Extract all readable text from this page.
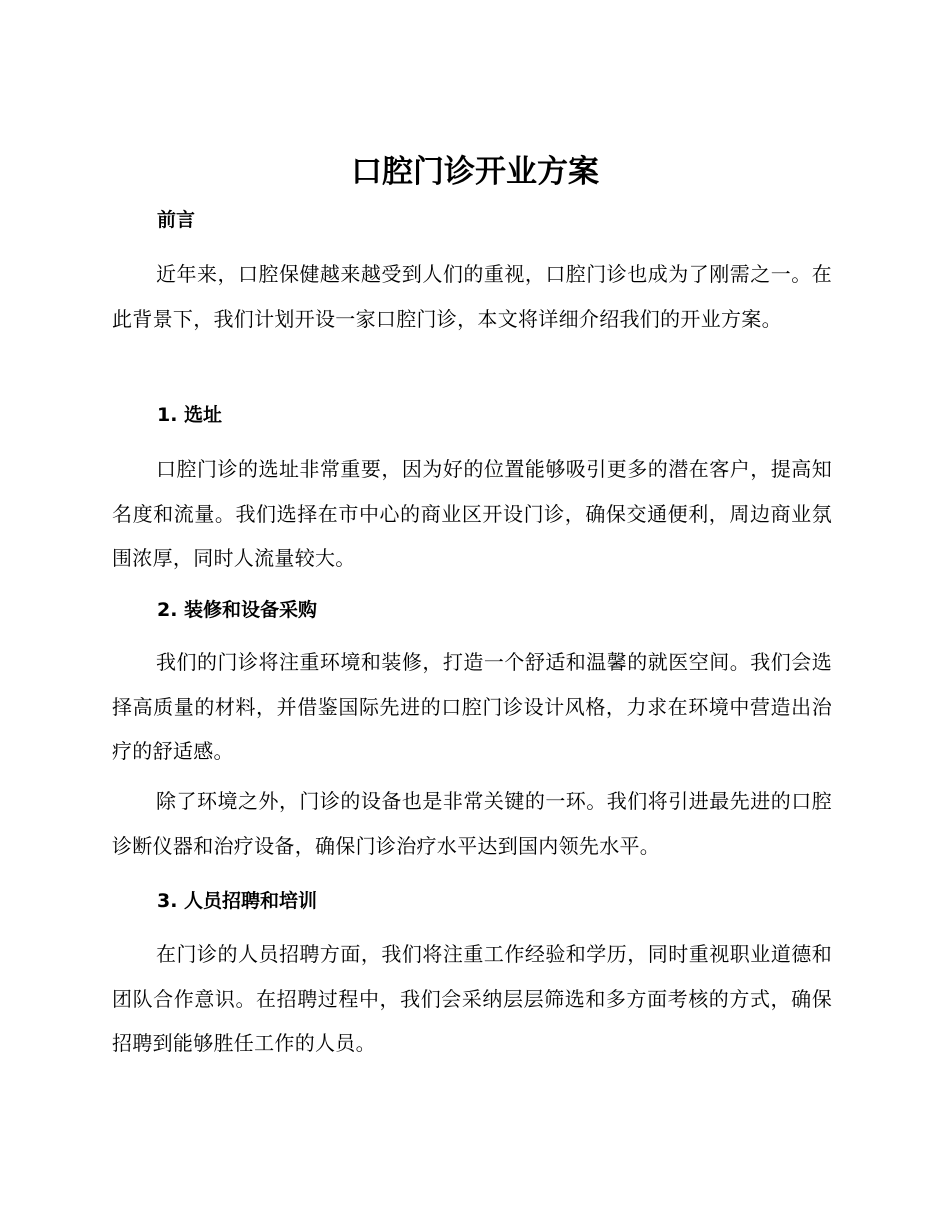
口腔门诊开业方案
前言
近年来，口腔保健越来越受到人们的重视，口腔门诊也成为了刚需之一。在此背景下，我们计划开设一家口腔门诊，本文将详细介绍我们的开业方案。
1. 选址
口腔门诊的选址非常重要，因为好的位置能够吸引更多的潜在客户，提高知名度和流量。我们选择在市中心的商业区开设门诊，确保交通便利，周边商业氛围浓厚，同时人流量较大。
2. 装修和设备采购
我们的门诊将注重环境和装修，打造一个舒适和温馨的就医空间。我们会选择高质量的材料，并借鉴国际先进的口腔门诊设计风格，力求在环境中营造出治疗的舒适感。
除了环境之外，门诊的设备也是非常关键的一环。我们将引进最先进的口腔诊断仪器和治疗设备，确保门诊治疗水平达到国内领先水平。
3. 人员招聘和培训
在门诊的人员招聘方面，我们将注重工作经验和学历，同时重视职业道德和团队合作意识。在招聘过程中，我们会采纳层层筛选和多方面考核的方式，确保招聘到能够胜任工作的人员。
